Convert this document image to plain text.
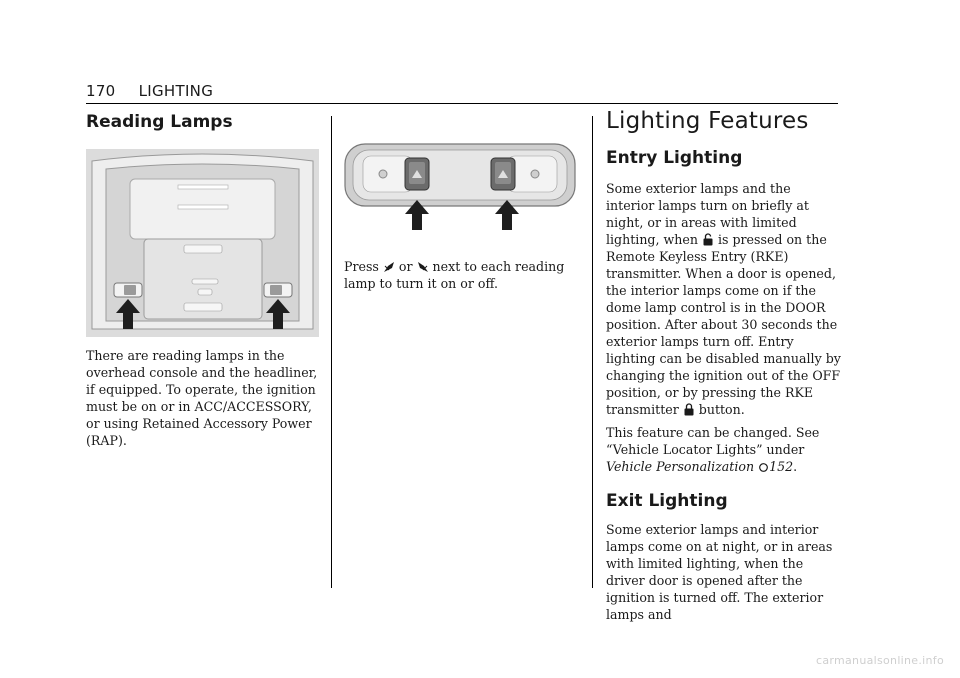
170 LIGHTING
Reading Lamps

There are reading lamps in the overhead console and the headliner, if equipped. To operate, the ignition must be on or in ACC/ACCESSORY, or using Retained Accessory Power (RAP).

Press or next to each reading lamp to turn it on or off.

Lighting Features
Entry Lighting

Some exterior lamps and the interior lamps turn on briefly at night, or in areas with limited lighting, when is pressed on the Remote Keyless Entry (RKE) transmitter. When a door is opened, the interior lamps come on if the dome lamp control is in the DOOR position. After about 30 seconds the exterior lamps turn off. Entry lighting can be disabled manually by changing the ignition out of the OFF position, or by pressing the RKE transmitter button.

This feature can be changed. See “Vehicle Locator Lights” under Vehicle Personalization 152.

Exit Lighting

Some exterior lamps and interior lamps come on at night, or in areas with limited lighting, when the driver door is opened after the ignition is turned off. The exterior lamps and

carmanualsonline.info
